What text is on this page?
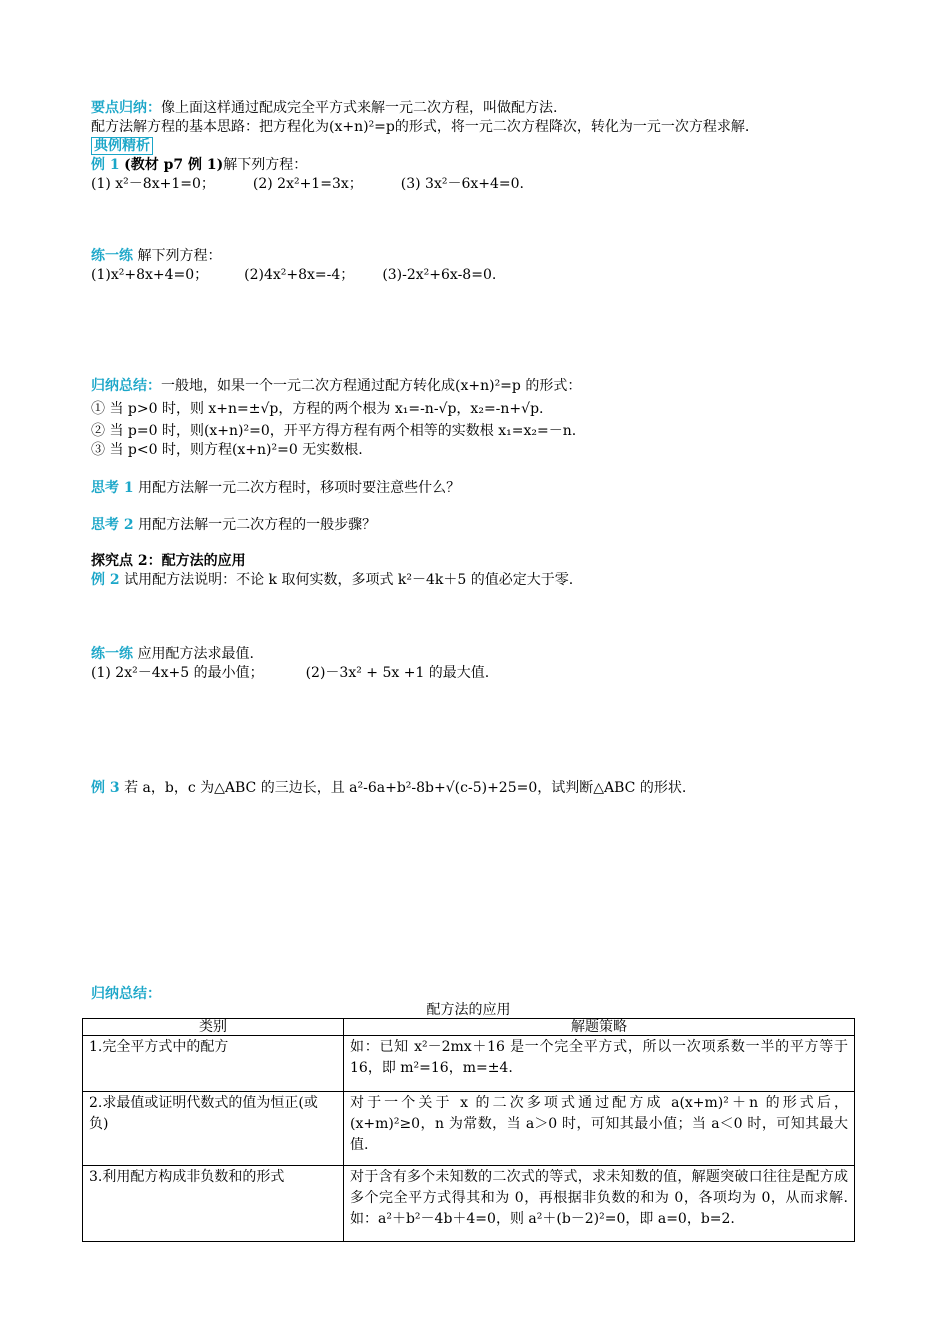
要点归纳：像上面这样通过配成完全平方式来解一元二次方程，叫做配方法.
配方法解方程的基本思路：把方程化为(x+n)²=p的形式，将一元二次方程降次，转化为一元一次方程求解.
典例精析
例 1 (教材 p7 例 1)解下列方程：
(1) x²－8x+1=0；	(2) 2x²+1=3x；	(3) 3x²－6x+4=0.
练一练 解下列方程：
(1)x²+8x+4=0；	(2)4x²+8x=-4； (3)-2x²+6x-8=0.
归纳总结：一般地，如果一个一元二次方程通过配方转化成(x+n)²=p 的形式：
① 当 p>0 时，则 x+n=±√p，方程的两个根为 x₁=-n-√p，x₂=-n+√p.
② 当 p=0 时，则(x+n)²=0，开平方得方程有两个相等的实数根 x₁=x₂=－n.
③ 当 p<0 时，则方程(x+n)²=0 无实数根.
思考 1 用配方法解一元二次方程时，移项时要注意些什么？
思考 2 用配方法解一元二次方程的一般步骤？
探究点 2：配方法的应用
例 2 试用配方法说明：不论 k 取何实数，多项式 k²－4k＋5 的值必定大于零.
练一练 应用配方法求最值.
(1) 2x²－4x+5 的最小值；	(2)－3x² + 5x +1 的最大值.
例 3 若 a，b，c 为△ABC 的三边长，且 a²-6a+b²-8b+√(c-5)+25=0，试判断△ABC 的形状.
归纳总结：
配方法的应用
类别	解题策略
1.完全平方式中的配方	如：已知 x²－2mx＋16 是一个完全平方式，所以一次项系数一半的平方等于 16，即 m²=16，m=±4.
2.求最值或证明代数式的值为恒正(或负)	对于一个关于 x 的二次多项式通过配方成 a(x+m)²＋n 的形式后，(x+m)²≥0，n 为常数，当 a＞0 时，可知其最小值；当 a＜0 时，可知其最大值.
3.利用配方构成非负数和的形式	对于含有多个未知数的二次式的等式，求未知数的值，解题突破口往往是配方成多个完全平方式得其和为 0，再根据非负数的和为 0，各项均为 0，从而求解.如：a²＋b²－4b＋4=0，则 a²＋(b－2)²=0，即 a=0，b=2.
